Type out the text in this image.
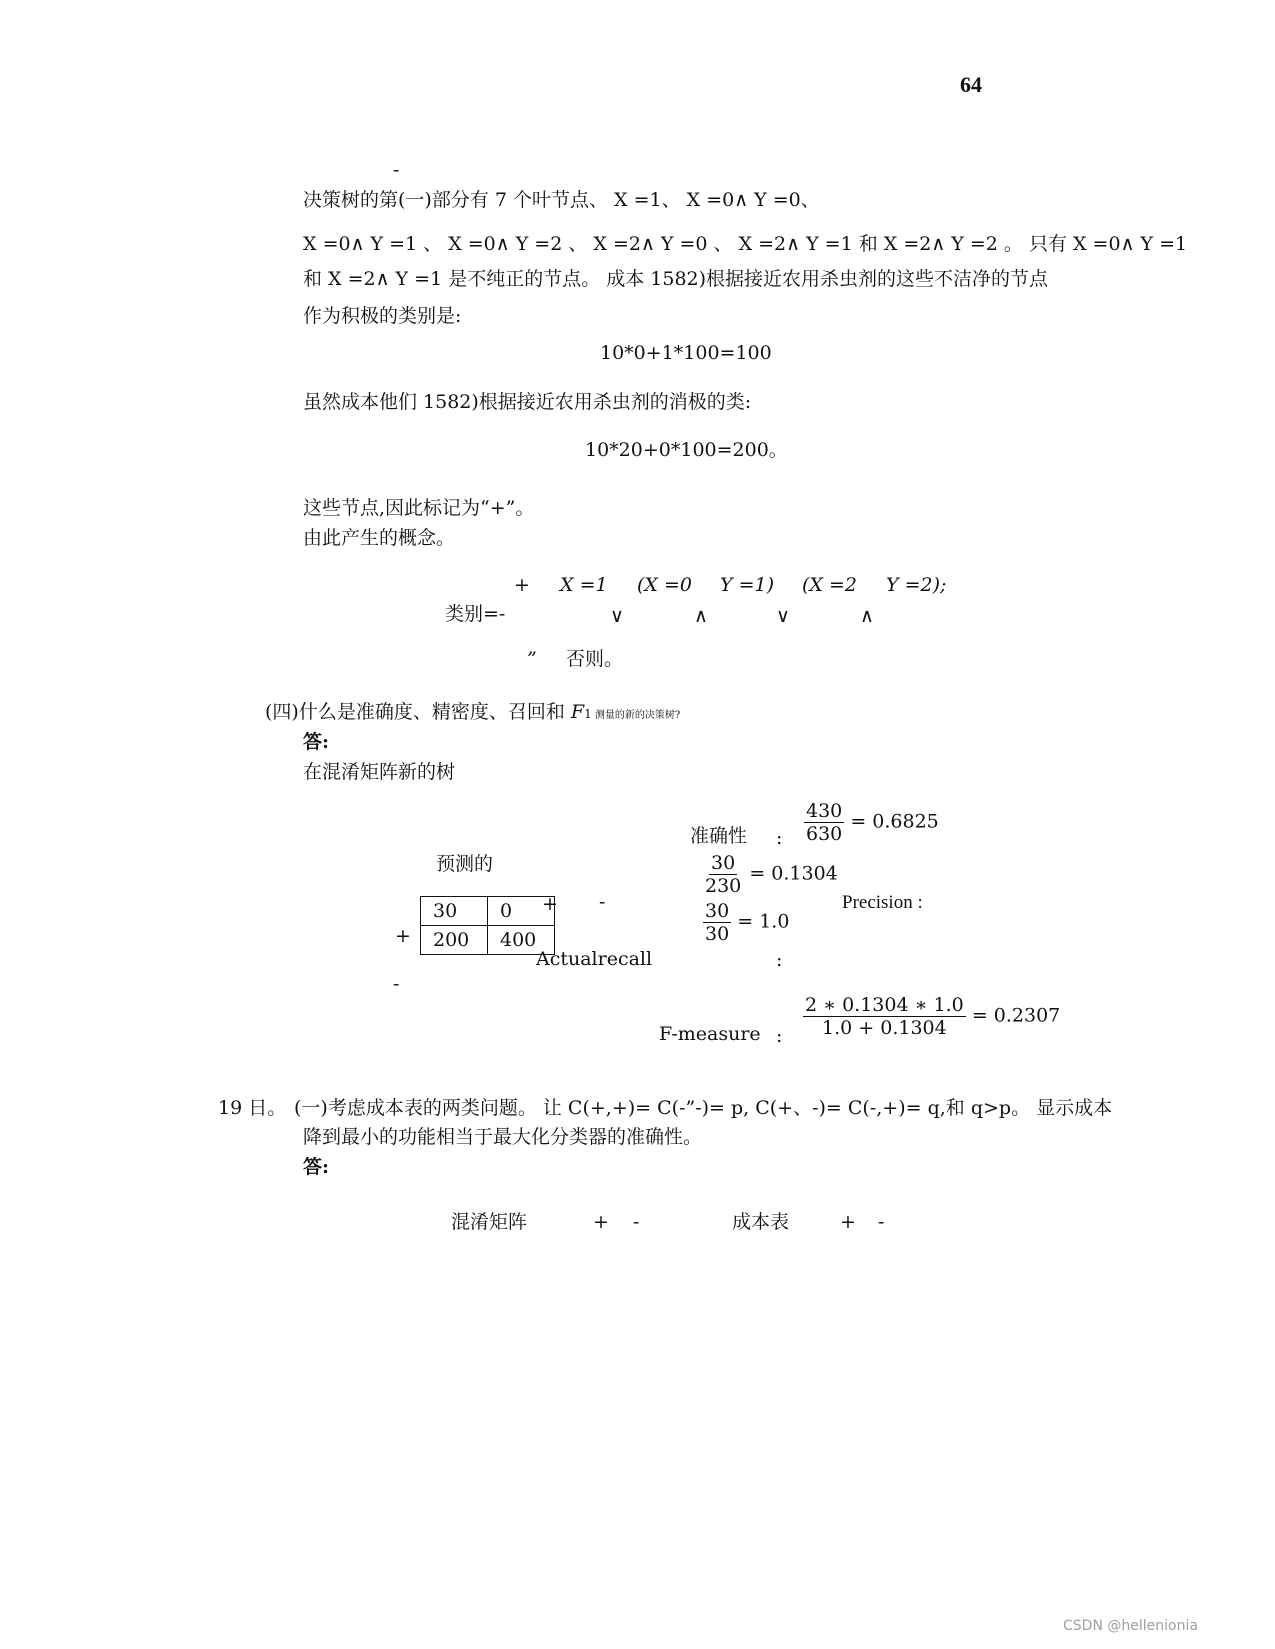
64
-
决策树的第(一)部分有 7 个叶节点、 X =1、 X =0∧ Y =0、
X =0∧ Y =1 、 X =0∧ Y =2 、 X =2∧ Y =0 、 X =2∧ Y =1 和 X =2∧ Y =2 。 只有 X =0∧ Y =1
和 X =2∧ Y =1 是不纯正的节点。 成本 1582)根据接近农用杀虫剂的这些不洁净的节点
作为积极的类别是:
10*0+1*100=100
虽然成本他们 1582)根据接近农用杀虫剂的消极的类:
10*20+0*100=200。
这些节点,因此标记为“+”。
由此产生的概念。
+ X =1 (X =0 Y =1) (X =2 Y =2);
类别=-	∨	∧	∨	∧
” 否则。
(四)什么是准确度、精密度、召回和 F1 测量的新的决策树?
答:
在混淆矩阵新的树
预测的
30	0
200	400
+ -
+
-
Actualrecall
准确性 : $\frac{430}{630} = 0.6825$
$\frac{30}{230} = 0.1304$
Precision :
$\frac{30}{30} = 1.0$
:
F-measure : $\frac{2 ∗ 0.1304 ∗ 1.0}{1.0 + 0.1304} = 0.2307$
19 日。 (一)考虑成本表的两类问题。 让 C(+,+)= C(-”-)= p, C(+、-)= C(-,+)= q,和 q>p。 显示成本
降到最小的功能相当于最大化分类器的准确性。
答:
混淆矩阵	+ -	成本表	+ -
CSDN @hellenionia
